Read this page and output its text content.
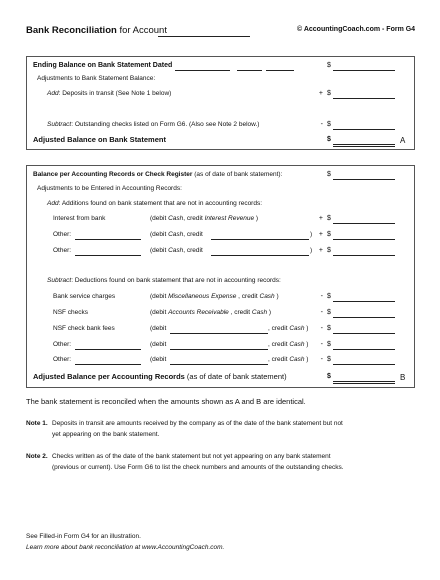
Bank Reconciliation for Account	© AccountingCoach.com - Form G4
Ending Balance on Bank Statement Dated	$
Adjustments to Bank Statement Balance:
Add: Deposits in transit (See Note 1 below)	+ $
Subtract: Outstanding checks listed on Form G6. (Also see Note 2 below.)	- $
Adjusted Balance on Bank Statement	$	A
Balance per Accounting Records or Check Register (as of date of bank statement):	$
Adjustments to be Entered in Accounting Records:
Add: Additions found on bank statement that are not in accounting records:
Interest from bank	(debit Cash, credit Interest Revenue )	+ $
Other:	(debit Cash, credit	) + $
Other:	(debit Cash, credit	) + $
Subtract: Deductions found on bank statement that are not in accounting records:
Bank service charges	(debit Miscellaneous Expense , credit Cash )	- $
NSF checks	(debit Accounts Receivable , credit Cash )	- $
NSF check bank fees	(debit	, credit Cash )	- $
Other:	(debit	, credit Cash )	- $
Other:	(debit	, credit Cash )	- $
Adjusted Balance per Accounting Records (as of date of bank statement)	$	B
The bank statement is reconciled when the amounts shown as A and B are identical.
Note 1. Deposits in transit are amounts received by the company as of the date of the bank statement but not
yet appearing on the bank statement.
Note 2. Checks written as of the date of the bank statement but not yet appearing on any bank statement
(previous or current). Use Form G6 to list the check numbers and amounts of the outstanding checks.
See Filled-in Form G4 for an illustration.
Learn more about bank reconciliation at www.AccountingCoach.com.
